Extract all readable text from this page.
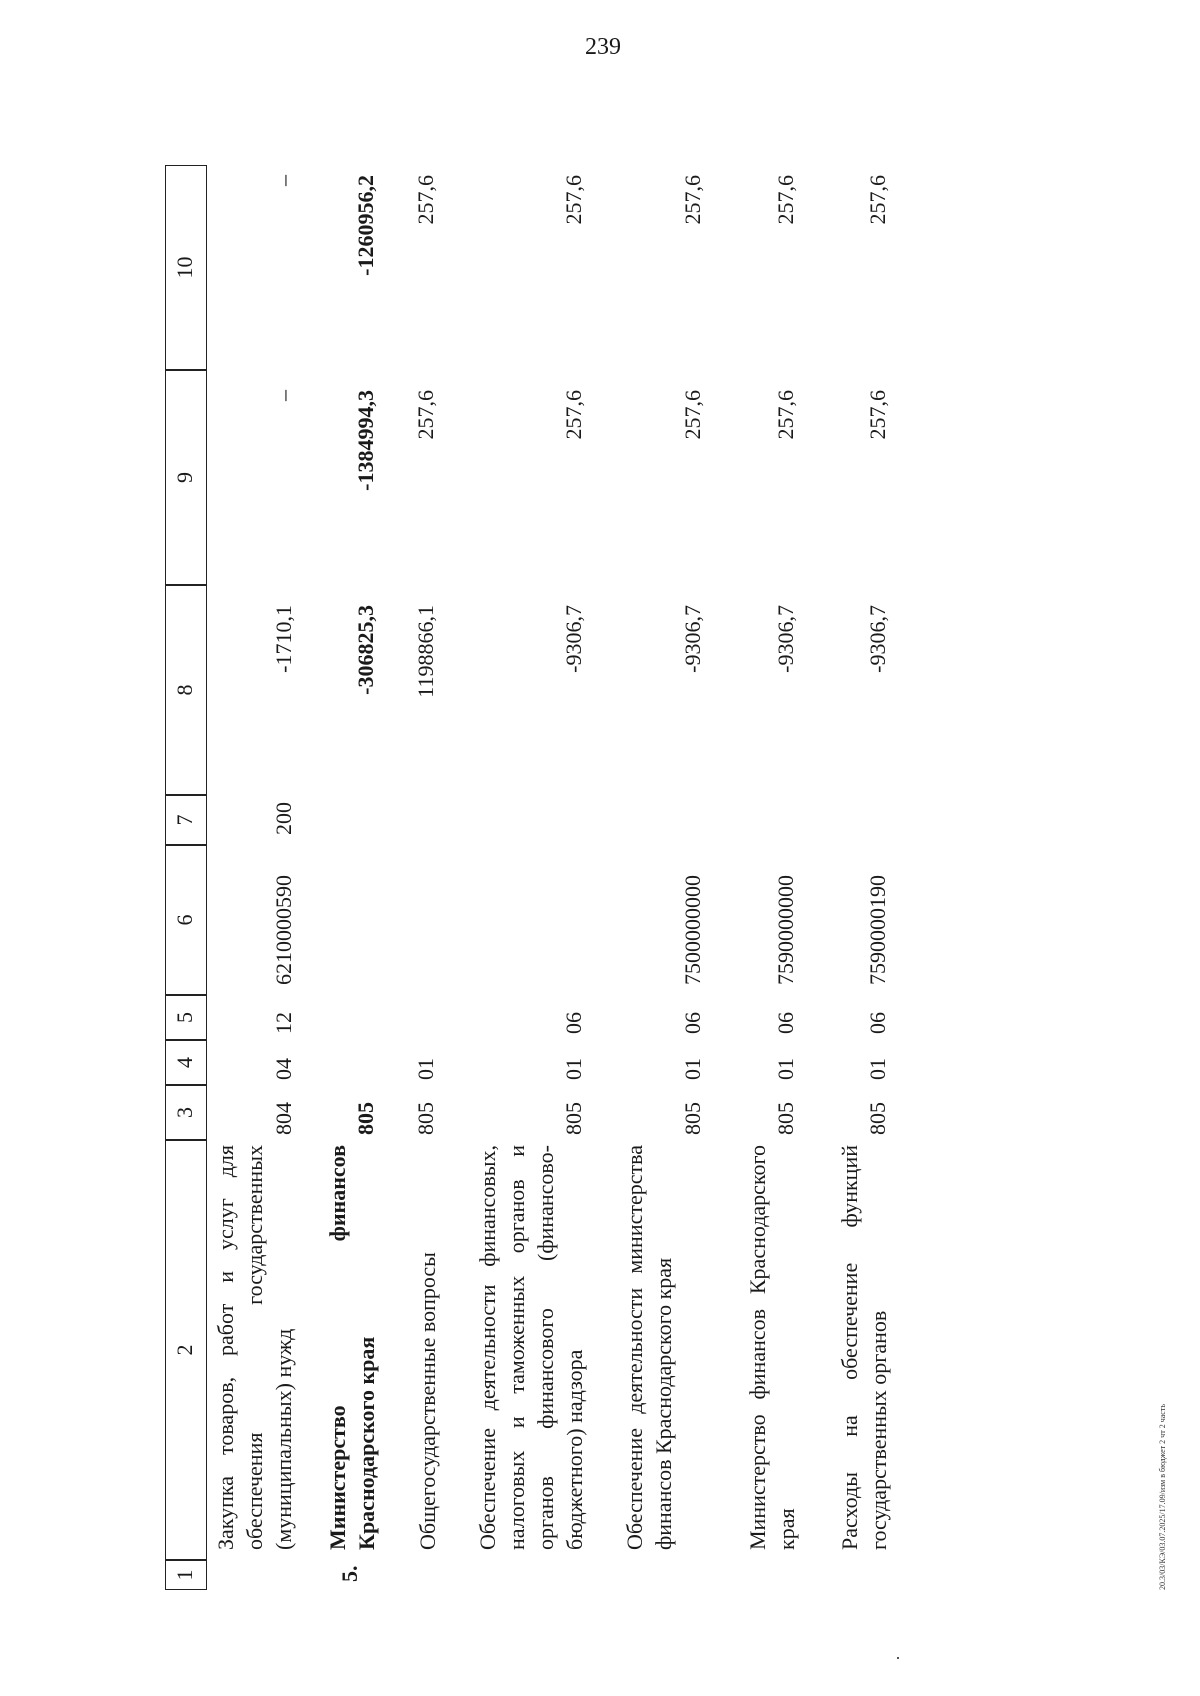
239
1
2
3
4
5
6
7
8
9
10
Закупка товаров, работ и услуг для обеспечения государственных (муниципальных) нужд
804
04
12
6210000590
200
-1710,1
–
–
5.
Министерство финансов Краснодарского края
805
-306825,3
-1384994,3
-1260956,2
Общегосударственные вопросы
805
01
1198866,1
257,6
257,6
Обеспечение деятельности финансовых, налоговых и таможенных органов и органов финансового (финансово-бюджетного) надзора
805
01
06
-9306,7
257,6
257,6
Обеспечение деятельности министерства финансов Краснодарского края
805
01
06
7500000000
-9306,7
257,6
257,6
Министерство финансов Краснодарского края
805
01
06
7590000000
-9306,7
257,6
257,6
Расходы на обеспечение функций государственных органов
805
01
06
7590000190
-9306,7
257,6
257,6
20.3/03/КЭ/03.07.2025/17.09/изм в бюджет 2 чт 2 часть
